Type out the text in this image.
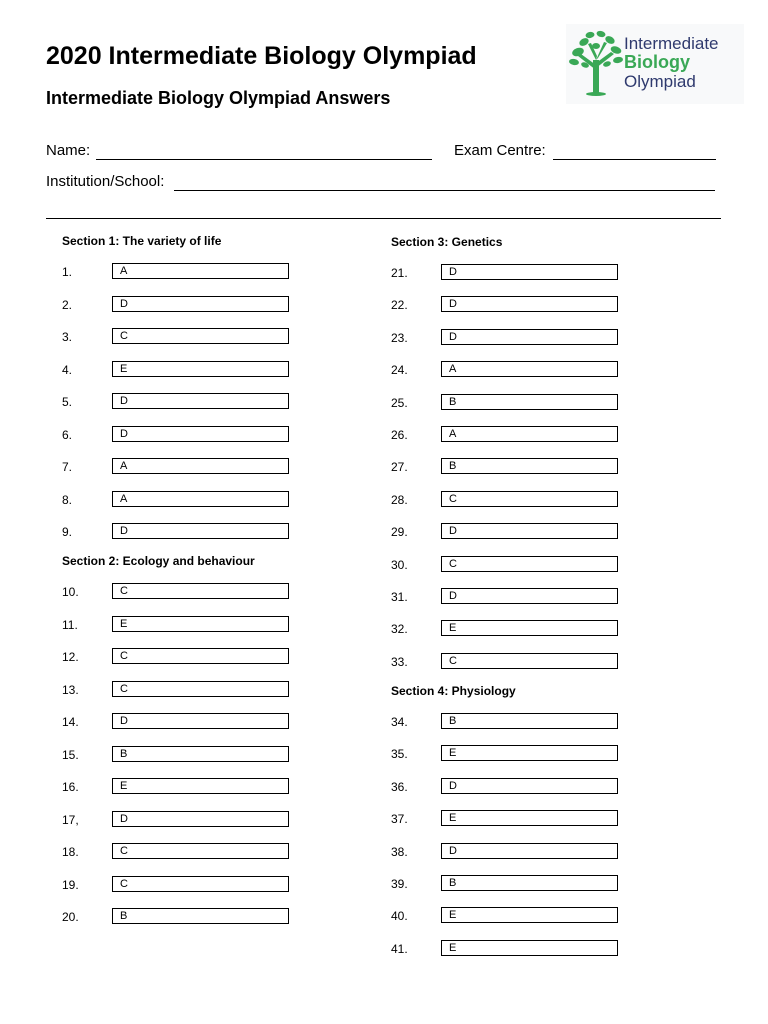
2020 Intermediate Biology Olympiad
Intermediate Biology Olympiad Answers
Intermediate
Biology
Olympiad
Name:	Exam Centre:
Institution/School:
Section 1: The variety of life
Section 2: Ecology and behaviour
Section 3: Genetics
Section 4: Physiology
1.	A
2.	D
3.	C
4.	E
5.	D
6.	D
7.	A
8.	A
9.	D
10.	C
11.	E
12.	C
13.	C
14.	D
15.	B
16.	E
17,	D
18.	C
19.	C
20.	B
21.	D
22.	D
23.	D
24.	A
25.	B
26.	A
27.	B
28.	C
29.	D
30.	C
31.	D
32.	E
33.	C
34.	B
35.	E
36.	D
37.	E
38.	D
39.	B
40.	E
41.	E
